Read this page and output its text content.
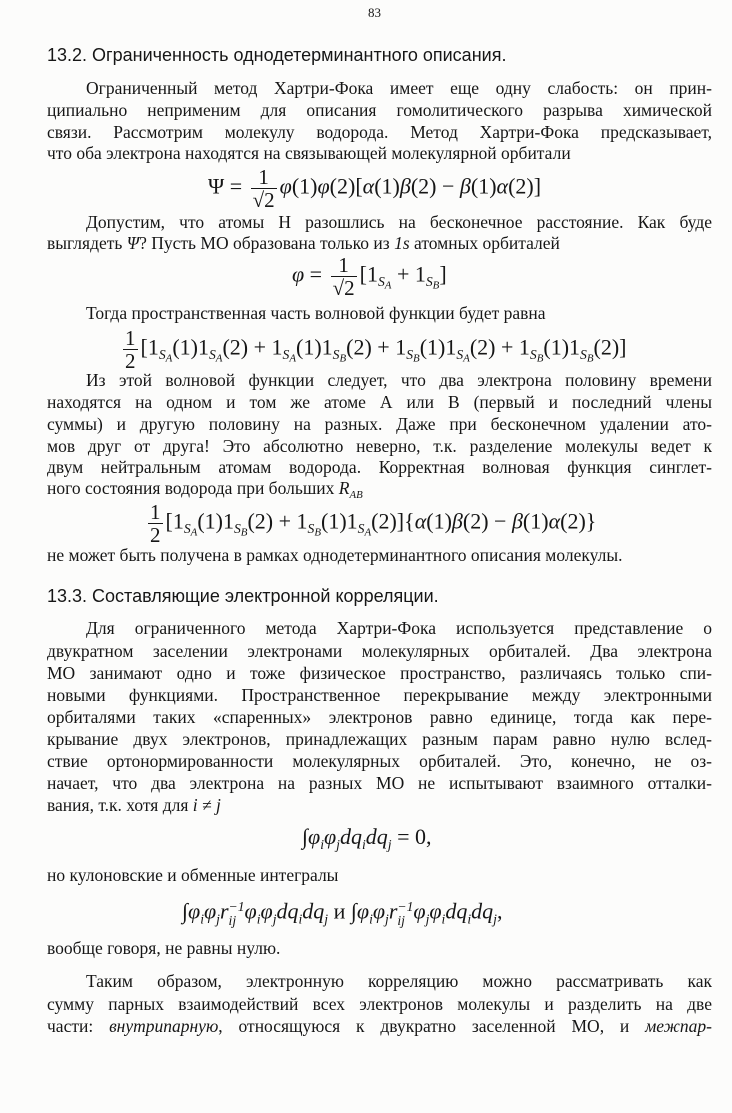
83
13.2. Ограниченность однодетерминантного описания.
Ограниченный метод Хартри-Фока имеет еще одну слабость: он прин-
ципиально неприменим для описания гомолитического разрыва химической
связи. Рассмотрим молекулу водорода. Метод Хартри-Фока предсказывает,
что оба электрона находятся на связывающей молекулярной орбитали
$\Psi = \frac{1}{√2} \varphi(1)\varphi(2)[\alpha(1)\beta(2) - \beta(1)\alpha(2)]$
Допустим, что атомы Н разошлись на бесконечное расстояние. Как буде
выглядеть Ψ? Пусть МО образована только из 1s атомных орбиталей
$\varphi = \frac{1}{√2} [1_{S_A} + 1_{S_B}]$
Тогда пространственная часть волновой функции будет равна
$\frac{1}{2} [1_{S_A}(1)1_{S_A}(2) + 1_{S_A}(1)1_{S_B}(2) + 1_{S_B}(1)1_{S_A}(2) + 1_{S_B}(1)1_{S_B}(2)]$
Из этой волновой функции следует, что два электрона половину времени
находятся на одном и том же атоме А или В (первый и последний члены
суммы) и другую половину на разных. Даже при бесконечном удалении ато-
мов друг от друга! Это абсолютно неверно, т.к. разделение молекулы ведет к
двум нейтральным атомам водорода. Корректная волновая функция синглет-
ного состояния водорода при больших $R_{AB}$
$\frac{1}{2} [1_{S_A}(1)1_{S_B}(2) + 1_{S_B}(1)1_{S_A}(2)]\{\alpha(1)\beta(2) - \beta(1)\alpha(2)\}$
не может быть получена в рамках однодетерминантного описания молекулы.
13.3. Составляющие электронной корреляции.
Для ограниченного метода Хартри-Фока используется представление о
двукратном заселении электронами молекулярных орбиталей. Два электрона
МО занимают одно и тоже физическое пространство, различаясь только спи-
новыми функциями. Пространственное перекрывание между электронными
орбиталями таких «спаренных» электронов равно единице, тогда как пере-
крывание двух электронов, принадлежащих разным парам равно нулю вслед-
ствие ортонормированности молекулярных орбиталей. Это, конечно, не оз-
начает, что два электрона на разных МО не испытывают взаимного отталки-
вания, т.к. хотя для i ≠ j
$\int\varphi_i\varphi_jdq_idq_j = 0$,
но кулоновские и обменные интегралы
$\int\varphi_i\varphi_jr -1$
ij $\varphi_i\varphi_jdq_idq_j$ и $\int\varphi_i\varphi_jr -1$
ij $\varphi_j\varphi_idq_idq_j$,
вообще говоря, не равны нулю.
Таким образом, электронную корреляцию можно рассматривать как
сумму парных взаимодействий всех электронов молекулы и разделить на две
части: внутрипарную, относящуюся к двукратно заселенной МО, и межпар-
